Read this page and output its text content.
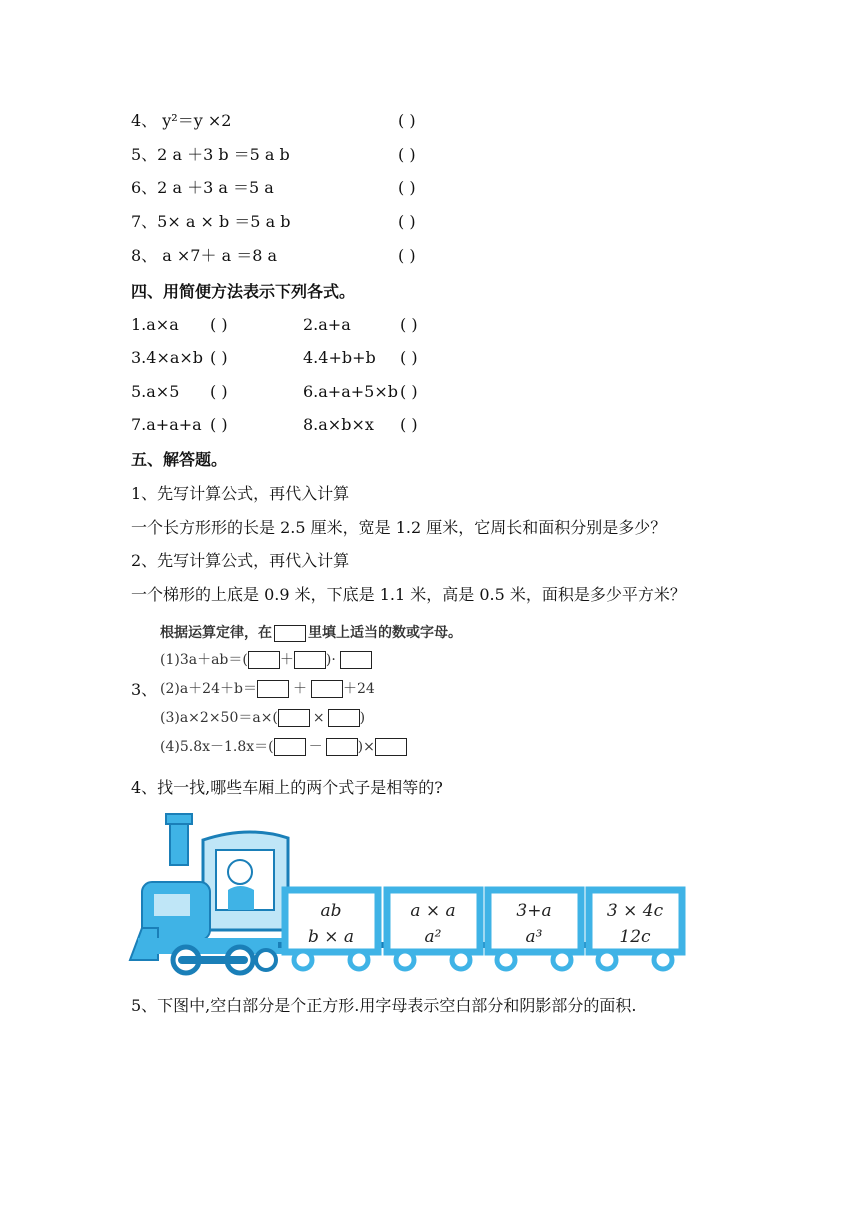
4、 y²＝y ×2	( )
5、2 a ＋3 b ＝5 a b	( )
6、2 a ＋3 a ＝5 a	( )
7、5× a × b ＝5 a b	( )
8、 a ×7＋ a ＝8 a	( )
四、用简便方法表示下列各式。
1.a×a ( )	2.a+a	( )
3.4×a×b ( )	4.4+b+b ( )
5.a×5 ( )	6.a+a+5×b ( )
7.a+a+a ( )	8.a×b×x ( )
五、解答题。
1、先写计算公式，再代入计算
一个长方形形的长是 2.5 厘米，宽是 1.2 厘米，它周长和面积分别是多少？
2、先写计算公式，再代入计算
一个梯形的上底是 0.9 米，下底是 1.1 米，高是 0.5 米，面积是多少平方米？
根据运算定律，在	里填上适当的数或字母。
(1)3a＋ab＝( ＋ )·
3、 (2)a＋24＋b＝	＋	＋24
(3)a×2×50＝a×(	×	)
(4)5.8x－1.8x＝(	－	)×
4、找一找,哪些车厢上的两个式子是相等的?
ab
b × a
a × a
a²
3+a
a³
3 × 4c
12c
5、下图中,空白部分是个正方形.用字母表示空白部分和阴影部分的面积.
